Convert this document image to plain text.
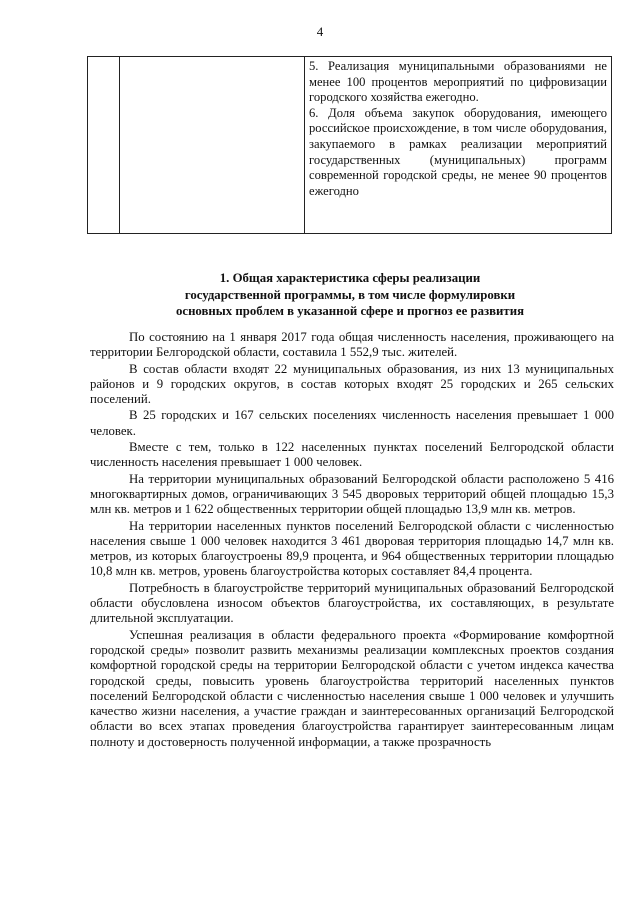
4

5. Реализация муниципальными образованиями не менее 100 процентов мероприятий по цифровизации городского хозяйства ежегодно.
6. Доля объема закупок оборудования, имеющего российское происхождение, в том числе оборудования, закупаемого в рамках реализации мероприятий государственных (муниципальных) программ современной городской среды, не менее 90 процентов ежегодно
1. Общая характеристика сферы реализации
государственной программы, в том числе формулировки
основных проблем в указанной сфере и прогноз ее развития

По состоянию на 1 января 2017 года общая численность населения, проживающего на территории Белгородской области, составила 1 552,9 тыс. жителей.

В состав области входят 22 муниципальных образования, из них 13 муниципальных районов и 9 городских округов, в состав которых входят 25 городских и 265 сельских поселений.

В 25 городских и 167 сельских поселениях численность населения превышает 1 000 человек.

Вместе с тем, только в 122 населенных пунктах поселений Белгородской области численность населения превышает 1 000 человек.

На территории муниципальных образований Белгородской области расположено 5 416 многоквартирных домов, ограничивающих 3 545 дворовых территорий общей площадью 15,3 млн кв. метров и 1 622 общественных территории общей площадью 13,9 млн кв. метров.

На территории населенных пунктов поселений Белгородской области с численностью населения свыше 1 000 человек находится 3 461 дворовая территория площадью 14,7 млн кв. метров, из которых благоустроены 89,9 процента, и 964 общественных территории площадью 10,8 млн кв. метров, уровень благоустройства которых составляет 84,4 процента.

Потребность в благоустройстве территорий муниципальных образований Белгородской области обусловлена износом объектов благоустройства, их составляющих, в результате длительной эксплуатации.

Успешная реализация в области федерального проекта «Формирование комфортной городской среды» позволит развить механизмы реализации комплексных проектов создания комфортной городской среды на территории Белгородской области с учетом индекса качества городской среды, повысить уровень благоустройства территорий населенных пунктов поселений Белгородской области с численностью населения свыше 1 000 человек и улучшить качество жизни населения, а участие граждан и заинтересованных организаций Белгородской области во всех этапах проведения благоустройства гарантирует заинтересованным лицам полноту и достоверность полученной информации, а также прозрачность
